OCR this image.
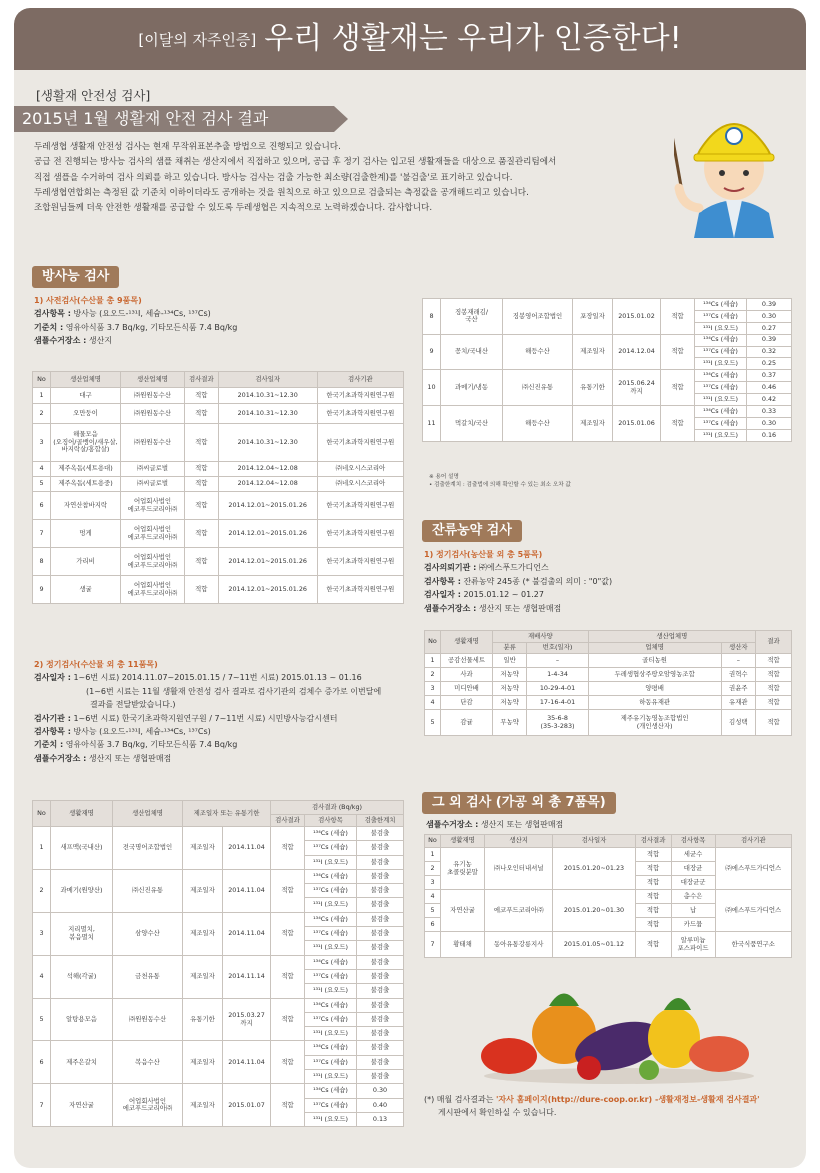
[이달의 자주인증] 우리 생활재는 우리가 인증한다!
[생활재 안전성 검사]
2015년 1월 생활재 안전 검사 결과
두레생협 생활재 안전성 검사는 현재 무작위표본추출 방법으로 진행되고 있습니다.
공급 전 진행되는 방사능 검사의 샘플 채취는 생산지에서 직접하고 있으며, 공급 후 정기 검사는 입고된 생활재들을 대상으로 품질관리팀에서
직접 샘플을 수거하여 검사 의뢰를 하고 있습니다. 방사능 검사는 검출 가능한 최소량(검출한계)를 '불검출'로 표기하고 있습니다.
두레생협연합회는 측정된 값 기준치 이하이더라도 공개하는 것을 원칙으로 하고 있으므로 검출되는 측정값을 공개해드리고 있습니다.
조합원님들께 더욱 안전한 생활재를 공급할 수 있도록 두레생협은 지속적으로 노력하겠습니다. 감사합니다.
방사능 검사
1) 사전검사(수산물 총 9품목)
검사항목 : 방사능 (요오드-¹³¹I, 세슘-¹³⁴Cs, ¹³⁷Cs)
기준치 : 영유아식품 3.7 Bq/kg, 기타모든식품 7.4 Bq/kg
샘플수거장소 : 생산지
No	생산업체명	생산업체명	검사결과	검사일자	검사기관
1	대구	㈜원원동수산	적합	2014.10.31~12.30	한국기초과학지원연구원
2	오만둥이	㈜원원동수산	적합	2014.10.31~12.30	한국기초과학지원연구원
3	해물모음
(오징어/골뱅이/새우살,
바지락살/홍합살)	㈜원원동수산	적합	2014.10.31~12.30	한국기초과학지원연구원
4	제주옥돔(세트용대)	㈜씨글로벌	적합	2014.12.04~12.08	㈜네오시스코리아
5	제주옥돔(세트용중)	㈜씨글로벌	적합	2014.12.04~12.08	㈜네오시스코리아
6	자연산참바지락	어업회사법인
에코푸드코리아㈜	적합	2014.12.01~2015.01.26	한국기초과학지원연구원
7	멍게	어업회사법인
에코푸드코리아㈜	적합	2014.12.01~2015.01.26	한국기초과학지원연구원
8	가리비	어업회사법인
에코푸드코리아㈜	적합	2014.12.01~2015.01.26	한국기초과학지원연구원
9	생굴	어업회사법인
에코푸드코리아㈜	적합	2014.12.01~2015.01.26	한국기초과학지원연구원
2) 정기검사(수산물 외 총 11품목)
검사일자 : 1~6번 시료) 2014.11.07~2015.01.15 / 7~11번 시료) 2015.01.13 ~ 01.16
(1~6번 시료는 11월 생활재 안전성 검사 결과로 검사기관의 검체수 증가로 이번달에
결과를 전달받았습니다.)
검사기관 : 1~6번 시료) 한국기초과학지원연구원 / 7~11번 시료) 시민방사능감시센터
검사항목 : 방사능 (요오드-¹³¹I, 세슘-¹³⁴Cs, ¹³⁷Cs)
기준치 : 영유아식품 3.7 Bq/kg, 기타모든식품 7.4 Bq/kg
샘플수거장소 : 생산지 또는 생협판매점
No	생활재명	생산업체명	제조일자 또는 유통기한		검사결과 (Bq/kg)		
					검사결과	검사항목	검출한계치
1	새프맥(국내산)	전국명어조합법인	제조일자	2014.11.04	적합	¹³⁴Cs (세슘)	불검출
						¹³⁷Cs (세슘)	불검출
						¹³¹I (요오드)	불검출
2	과메기(원양산)	㈜신진유통	제조일자	2014.11.04	적합	¹³⁴Cs (세슘)	불검출
						¹³⁷Cs (세슘)	불검출
						¹³¹I (요오드)	불검출
3	지리멸치,
볶음멸치	삼양수산	제조일자	2014.11.04	적합	¹³⁴Cs (세슘)	불검출
						¹³⁷Cs (세슘)	불검출
						¹³¹I (요오드)	불검출
4	석해(각굴)	금천유통	제조일자	2014.11.14	적합	¹³⁴Cs (세슘)	불검출
						¹³⁷Cs (세슘)	불검출
						¹³¹I (요오드)	불검출
5	알탕용모음	㈜원원동수산	유통기한	2015.03.27
까지	적합	¹³⁴Cs (세슘)	불검출
						¹³⁷Cs (세슘)	불검출
						¹³¹I (요오드)	불검출
6	제주은갈치	복음수산	제조일자	2014.11.04	적합	¹³⁴Cs (세슘)	불검출
						¹³⁷Cs (세슘)	불검출
						¹³¹I (요오드)	불검출
7	자연산굴	어업회사법인
에코푸드코리아㈜	제조일자	2015.01.07	적합	¹³⁴Cs (세슘)	0.30
						¹³⁷Cs (세슘)	0.40
						¹³¹I (요오드)	0.13
8	징봉재래김/
국산	징봉영어조합법인	포장일자	2015.01.02	적합	¹³⁴Cs (세슘)	0.39
						¹³⁷Cs (세슘)	0.30
						¹³¹I (요오드)	0.27
9	꽁치/국내산	해등수산	제조일자	2014.12.04	적합	¹³⁴Cs (세슘)	0.39
						¹³⁷Cs (세슘)	0.32
						¹³¹I (요오드)	0.25
10	과메기/냉동	㈜신진유통	유통기한	2015.06.24
까지	적합	¹³⁴Cs (세슘)	0.37
						¹³⁷Cs (세슘)	0.46
						¹³¹I (요오드)	0.42
11	먹갈치/국산	해등수산	제조일자	2015.01.06	적합	¹³⁴Cs (세슘)	0.33
						¹³⁷Cs (세슘)	0.30
						¹³¹I (요오드)	0.16
※ 용어 설명
• 검출한계치 : 검출법에 의해 확인할 수 있는 최소 오차 값
잔류농약 검사
1) 정기검사(농산물 외 총 5품목)
검사의뢰기관 : ㈜에스푸드가디언스
검사항목 : 잔류농약 245종 (* 불검출의 의미 : "0"값)
검사일자 : 2015.01.12 ~ 01.27
샘플수거장소 : 생산지 또는 생협판매점
No	생활재명	재배사양		생산업체명		결과
		분류	번호(일자)	업체명	생산자	
1	공감선물세트	일반	–	골티농원	–	적합
2	사과	저농약	1-4-34	두레생협상주땅오암영농조합	권혁수	적합
3	미디안배	저농약	10-29-4-01	양평배	권윤주	적합
4	단감	저농약	17-16-4-01	하동유재관	유재관	적합
5	감귤	무농약	35-6-8
(35-3-283)	제주유기농영농조합법인
(개인생산자)	김성택	적합
그 외 검사 (가공 외 총 7품목)
샘플수거장소 : 생산지 또는 생협판매점
No	생활재명	생산지	검사일자	검사결과	검사항목	검사기관
1	유기농
초콜릿분말	㈜나오인터내셔널	2015.01.20~01.23	적합	세균수	㈜에스푸드가디언스
2				적합	대장균	
3				적합	대장균군	
4	자연산굴	에코푸드코리아㈜	2015.01.20~01.30	적합	총수은	㈜에스푸드가디언스
5				적합	납	
6				적합	카드뮴	
7	황태채	동아유통강릉지사	2015.01.05~01.12	적합	알루미늄
포스파이드	한국식품연구소
(*) 매월 검사결과는 '자사 홈페이지(http://dure-coop.or.kr) -생활재정보-생활재 검사결과'
게시판에서 확인하실 수 있습니다.
